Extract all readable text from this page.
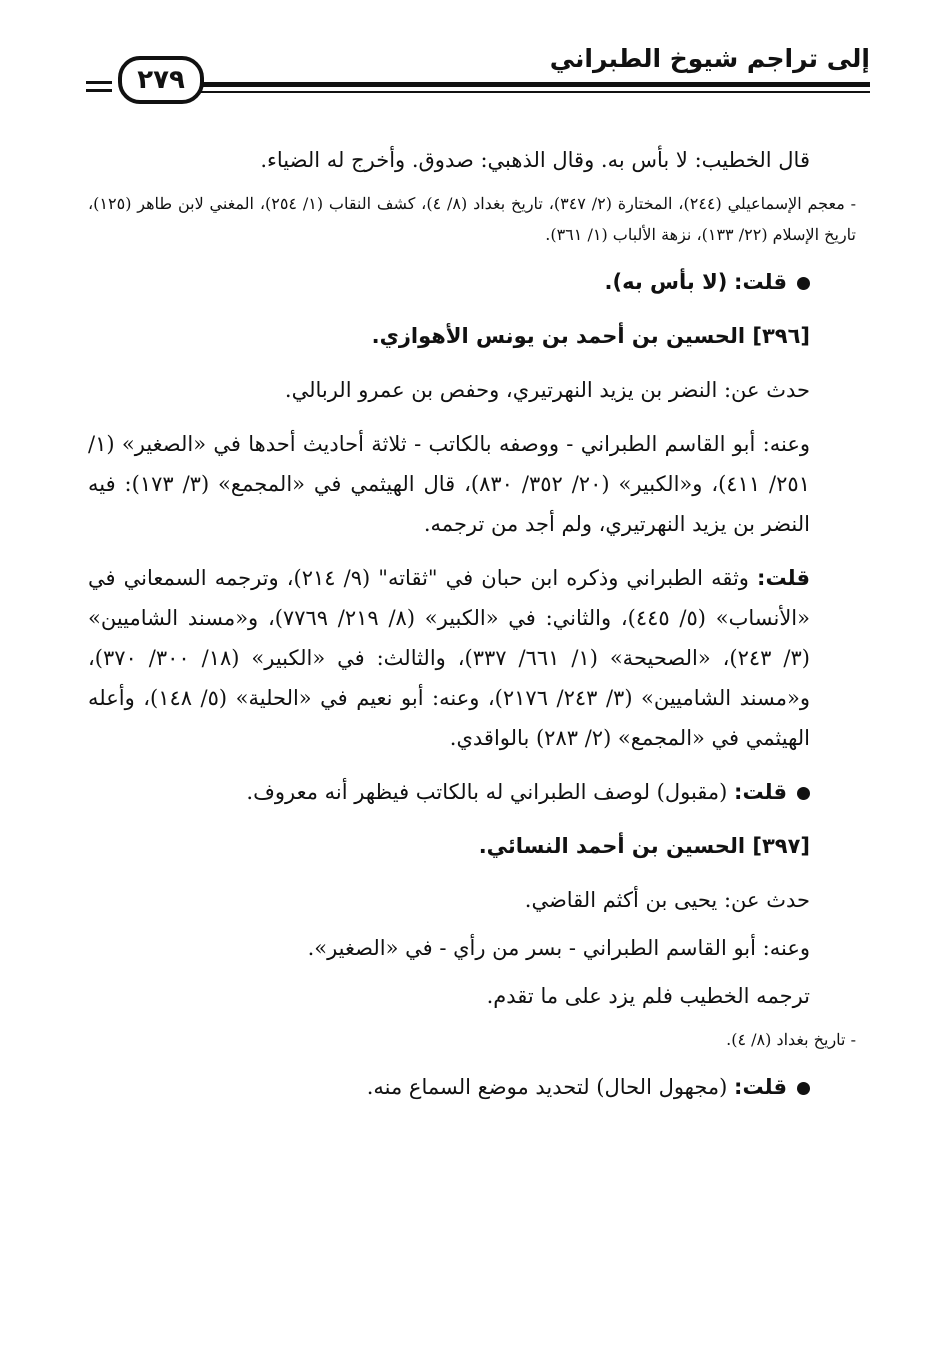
إلى تراجم شيوخ الطبراني
٢٧٩

قال الخطيب: لا بأس به. وقال الذهبي: صدوق. وأخرج له الضياء.

- معجم الإسماعيلي (٢٤٤)، المختارة (٢/ ٣٤٧)، تاريخ بغداد (٨/ ٤)، كشف النقاب (١/ ٢٥٤)، المغني لابن طاهر (١٢٥)، تاريخ الإسلام (٢٢/ ١٣٣)، نزهة الألباب (١/ ٣٦١).

قلت: (لا بأس به).

[٣٩٦] الحسين بن أحمد بن يونس الأهوازي.

حدث عن: النضر بن يزيد النهرتيري، وحفص بن عمرو الربالي.

وعنه: أبو القاسم الطبراني - ووصفه بالكاتب - ثلاثة أحاديث أحدها في «الصغير» (١/ ٢٥١/ ٤١١)، و«الكبير» (٢٠/ ٣٥٢/ ٨٣٠)، قال الهيثمي في «المجمع» (٣/ ١٧٣): فيه النضر بن يزيد النهرتيري، ولم أجد من ترجمه.

قلت: وثقه الطبراني وذكره ابن حبان في "ثقاته" (٩/ ٢١٤)، وترجمه السمعاني في «الأنساب» (٥/ ٤٤٥)، والثاني: في «الكبير» (٨/ ٢١٩/ ٧٧٦٩)، و«مسند الشاميين» (٣/ ٢٤٣)، «الصحيحة» (١/ ٦٦١/ ٣٣٧)، والثالث: في «الكبير» (١٨/ ٣٠٠/ ٣٧٠)، و«مسند الشاميين» (٣/ ٢٤٣/ ٢١٧٦)، وعنه: أبو نعيم في «الحلية» (٥/ ١٤٨)، وأعله الهيثمي في «المجمع» (٢/ ٢٨٣) بالواقدي.

قلت: (مقبول) لوصف الطبراني له بالكاتب فيظهر أنه معروف.

[٣٩٧] الحسين بن أحمد النسائي.

حدث عن: يحيى بن أكثم القاضي.

وعنه: أبو القاسم الطبراني - بسر من رأي - في «الصغير».

ترجمه الخطيب فلم يزد على ما تقدم.

- تاريخ بغداد (٨/ ٤).

قلت: (مجهول الحال) لتحديد موضع السماع منه.
